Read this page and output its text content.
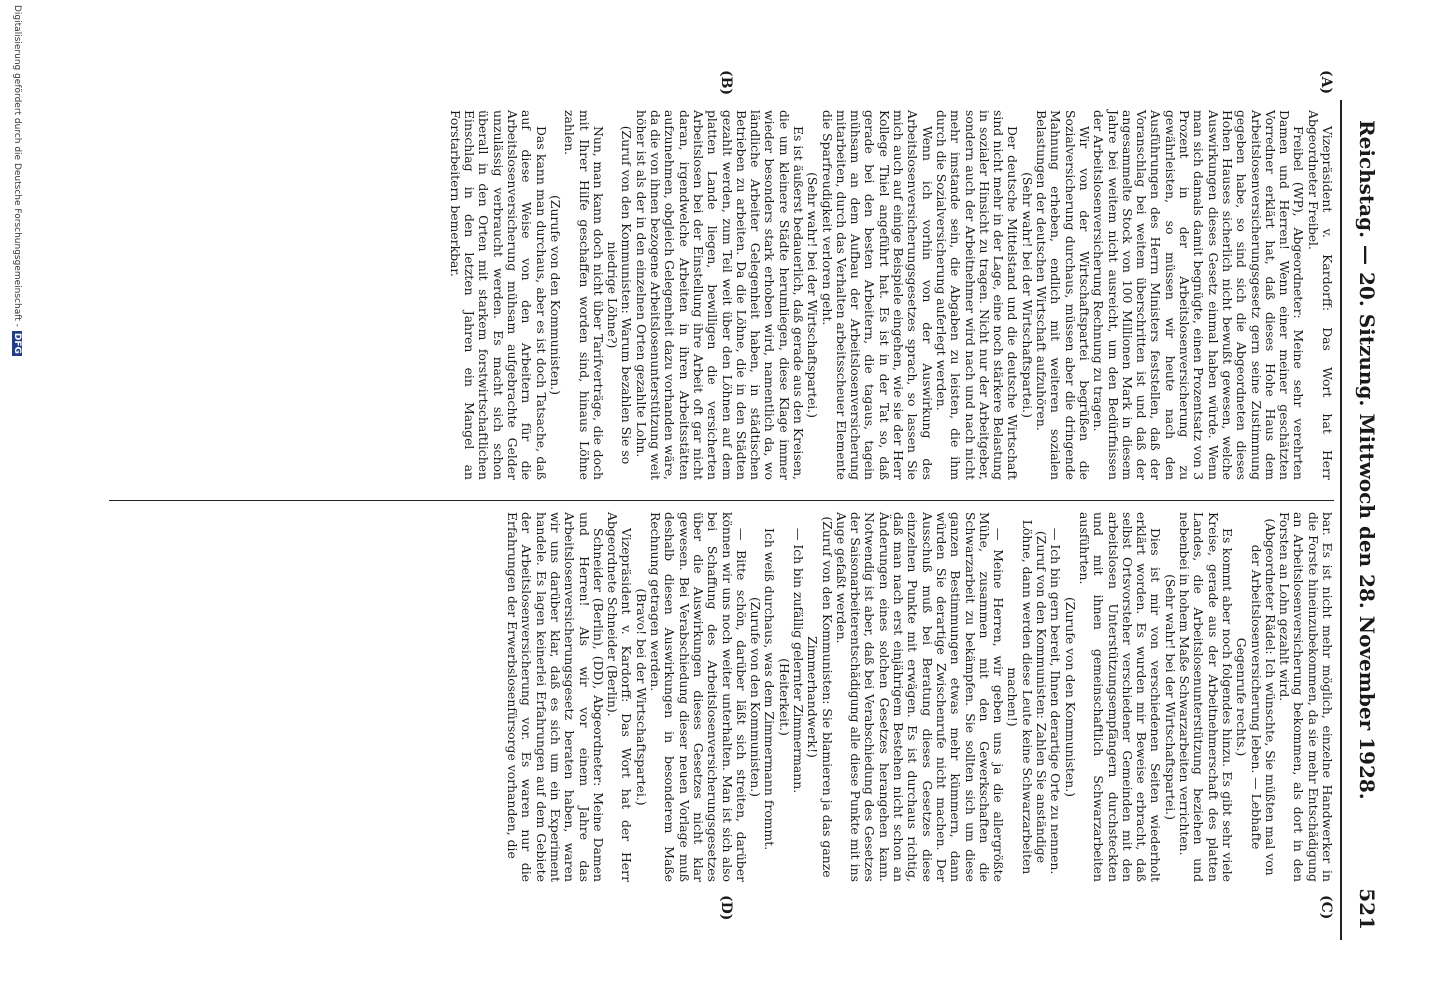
Reichstag. — 20. Sitzung. Mittwoch den 28. November 1928.
521
(A)
(B)
(C)
(D)

Vizepräsident v. Kardorff: Das Wort hat Herr Abgeordneter Freibel.

Freibel (WP), Abgeordneter: Meine sehr verehrten Damen und Herren! Wenn einer meiner geschätzten Vorredner erklärt hat, daß dieses Hohe Haus dem Arbeitslosenversicherungsgesetz gern seine Zustimmung gegeben habe, so sind sich die Abgeordneten dieses Hohen Hauses sicherlich nicht bewußt gewesen, welche Auswirkungen dieses Gesetz einmal haben würde. Wenn man sich damals damit begnügte, einen Prozentsatz von 3 Prozent in der Arbeitslosenversicherung zu gewährleisten, so müssen wir heute nach den Ausführungen des Herrn Ministers feststellen, daß der Voranschlag bei weitem überschritten ist und daß der angesammelte Stock von 100 Millionen Mark in diesem Jahre bei weitem nicht ausreicht, um den Bedürfnissen der Arbeitslosenversicherung Rechnung zu tragen.

Wir von der Wirtschaftspartei begrüßen die Sozialversicherung durchaus, müssen aber die dringende Mahnung erheben, endlich mit weiteren sozialen Belastungen der deutschen Wirtschaft aufzuhören.

(Sehr wahr! bei der Wirtschaftspartei.)

Der deutsche Mittelstand und die deutsche Wirtschaft sind nicht mehr in der Lage, eine noch stärkere Belastung in sozialer Hinsicht zu tragen. Nicht nur der Arbeitgeber, sondern auch der Arbeitnehmer wird nach und nach nicht mehr imstande sein, die Abgaben zu leisten, die ihm durch die Sozialversicherung auferlegt werden.

Wenn ich vorhin von der Auswirkung des Arbeitslosenversicherungsgesetzes sprach, so lassen Sie mich auch auf einige Beispiele eingehen, wie sie der Herr Kollege Thiel angeführt hat. Es ist in der Tat so, daß gerade bei den besten Arbeitern, die tagaus, tagein mühsam an dem Aufbau der Arbeitslosenversicherung mitarbeiten, durch das Verhalten arbeitsscheuer Elemente die Sparfreudigkeit verloren geht.

(Sehr wahr! bei der Wirtschaftspartei.)

Es ist äußerst bedauerlich, daß gerade aus den Kreisen, die um kleinere Städte herumliegen, diese Klage immer wieder besonders stark erhoben wird, namentlich da, wo ländliche Arbeiter Gelegenheit haben, in städtischen Betrieben zu arbeiten. Da die Löhne, die in den Städten gezahlt werden, zum Teil weit über den Löhnen auf dem platten Lande liegen, bewilligen die versicherten Arbeitslosen bei der Einstellung ihre Arbeit oft gar nicht daran, irgendwelche Arbeiten in ihren Arbeitsstätten aufzunehmen, obgleich Gelegenheit dazu vorhanden wäre, da die von ihnen bezogene Arbeitslosenunterstützung weit höher ist als der in den einzelnen Orten gezahlte Lohn.

(Zuruf von den Kommunisten: Warum bezahlen Sie so niedrige Löhne?)

Nun, man kann doch nicht über Tarifverträge, die doch mit Ihrer Hilfe geschaffen worden sind, hinaus Löhne zahlen.

(Zurufe von den Kommunisten.)

Das kann man durchaus, aber es ist doch Tatsache, daß auf diese Weise von den Arbeitern für die Arbeitslosenversicherung mühsam aufgebrachte Gelder unzulässig verbraucht werden. Es macht sich schon überall in den Orten mit starkem forstwirtschaftlichen Einschlag in den letzten Jahren ein Mangel an Forstarbeitern bemerkbar.

bar. Es ist nicht mehr möglich, einzelne Handwerker in die Forste hineinzubekommen, da sie mehr Entschädigung an Arbeitslosenversicherung bekommen, als dort in den Forsten an Lohn gezahlt wird.

(Abgeordneter Rädel: Ich wünschte, Sie müßten mal von der Arbeitslosenversicherung leben. — Lebhafte Gegenrufe rechts.)

Es kommt aber noch folgendes hinzu. Es gibt sehr viele Kreise, gerade aus der Arbeitnehmerschaft des platten Landes, die Arbeitslosenunterstützung beziehen und nebenbei in hohem Maße Schwarzarbeiten verrichten.

(Sehr wahr! bei der Wirtschaftspartei.)

Dies ist mir von verschiedenen Seiten wiederholt erklärt worden. Es wurden mir Beweise erbracht, daß selbst Ortsvorsteher verschiedener Gemeinden mit den arbeitslosen Unterstützungsempfängern durchsteckten und mit ihnen gemeinschaftlich Schwarzarbeiten ausführten.

(Zurufe von den Kommunisten.)

— Ich bin gern bereit, Ihnen derartige Orte zu nennen.

(Zuruf von den Kommunisten: Zahlen Sie anständige Löhne, dann werden diese Leute keine Schwarzarbeiten machen!)

— Meine Herren, wir geben uns ja die allergrößte Mühe, zusammen mit den Gewerkschaften die Schwarzarbeit zu bekämpfen. Sie sollten sich um diese ganzen Bestimmungen etwas mehr kümmern, dann würden Sie derartige Zwischenrufe nicht machen. Der Ausschuß muß bei Beratung dieses Gesetzes diese einzelnen Punkte mit erwägen. Es ist durchaus richtig, daß man nach erst einjährigem Bestehen nicht schon an Änderungen eines solchen Gesetzes herangehen kann. Notwendig ist aber, daß bei Verabschiedung des Gesetzes der Saisonarbeiterentschädigung alle diese Punkte mit ins Auge gefaßt werden.

(Zuruf von den Kommunisten: Sie blamieren ja das ganze Zimmerhandwerk!)

— Ich bin zufällig gelernter Zimmermann.

(Heiterkeit.)

Ich weiß durchaus, was dem Zimmermann frommt.

(Zurufe von den Kommunisten.)

— Bitte schön, darüber läßt sich streiten, darüber können wir uns noch weiter unterhalten. Man ist sich also bei Schaffung des Arbeitslosenversicherungsgesetzes über die Auswirkungen dieses Gesetzes nicht klar gewesen. Bei Verabschiedung dieser neuen Vorlage muß deshalb diesen Auswirkungen in besonderem Maße Rechnung getragen werden.

(Bravo! bei der Wirtschaftspartei.)

Vizepräsident v. Kardorff: Das Wort hat der Herr Abgeordnete Schneider (Berlin).

Schneider (Berlin), (DD), Abgeordneter: Meine Damen und Herren! Als wir vor einem Jahre das Arbeitslosenversicherungsgesetz beraten haben, waren wir uns darüber klar, daß es sich um ein Experiment handele. Es lagen keinerlei Erfahrungen auf dem Gebiete der Arbeitslosenversicherung vor. Es waren nur die Erfahrungen der Erwerbslosenfürsorge vorhanden, die

Digitalisierung gefördert durch die Deutsche Forschungsgemeinschaft -DFG
